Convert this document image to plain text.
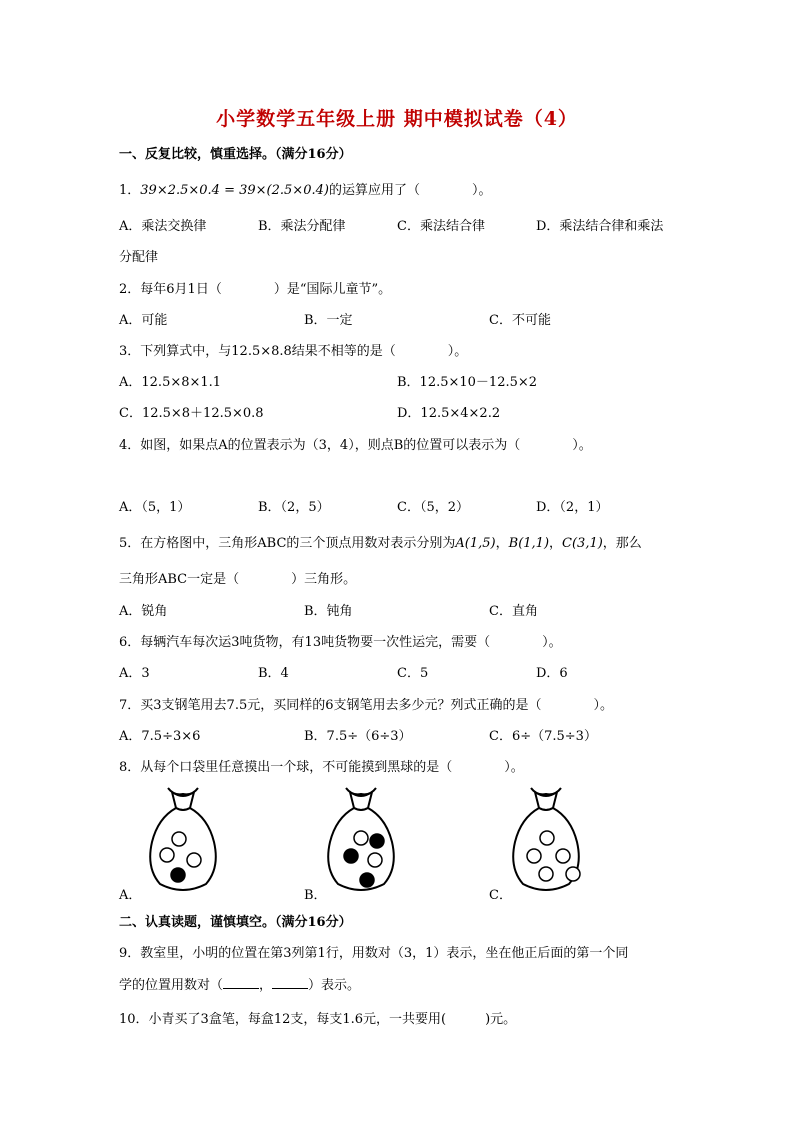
小学数学五年级上册 期中模拟试卷（4）
一、反复比较，慎重选择。（满分16分）
1．39×2.5×0.4 = 39×(2.5×0.4)的运算应用了（　　　　）。
A．乘法交换律	B．乘法分配律	C．乘法结合律	D．乘法结合律和乘法
分配律
2．每年6月1日（　　　　）是“国际儿童节”。
A．可能	B．一定	C．不可能
3．下列算式中，与12.5×8.8结果不相等的是（　　　　）。
A．12.5×8×1.1	B．12.5×10－12.5×2
C．12.5×8＋12.5×0.8	D．12.5×4×2.2
4．如图，如果点A的位置表示为（3，4），则点B的位置可以表示为（　　　　）。
A．（5，1）	B．（2，5）	C．（5，2）	D．（2，1）
5．在方格图中，三角形ABC的三个顶点用数对表示分别为A(1,5)，B(1,1)，C(3,1)，那么
三角形ABC一定是（　　　　）三角形。
A．锐角	B．钝角	C．直角
6．每辆汽车每次运3吨货物，有13吨货物要一次性运完，需要（　　　　）。
A．3	B．4	C．5	D．6
7．买3支钢笔用去7.5元，买同样的6支钢笔用去多少元？列式正确的是（　　　　）。
A．7.5÷3×6	B．7.5÷（6÷3）	C．6÷（7.5÷3）
8．从每个口袋里任意摸出一个球，不可能摸到黑球的是（　　　　）。
A．	B．	C．
二、认真读题，谨慎填空。（满分16分）
9．教室里，小明的位置在第3列第1行，用数对（3，1）表示，坐在他正后面的第一个同
学的位置用数对（	，	）表示。
10．小青买了3盒笔，每盒12支，每支1.6元，一共要用(　　　)元。
